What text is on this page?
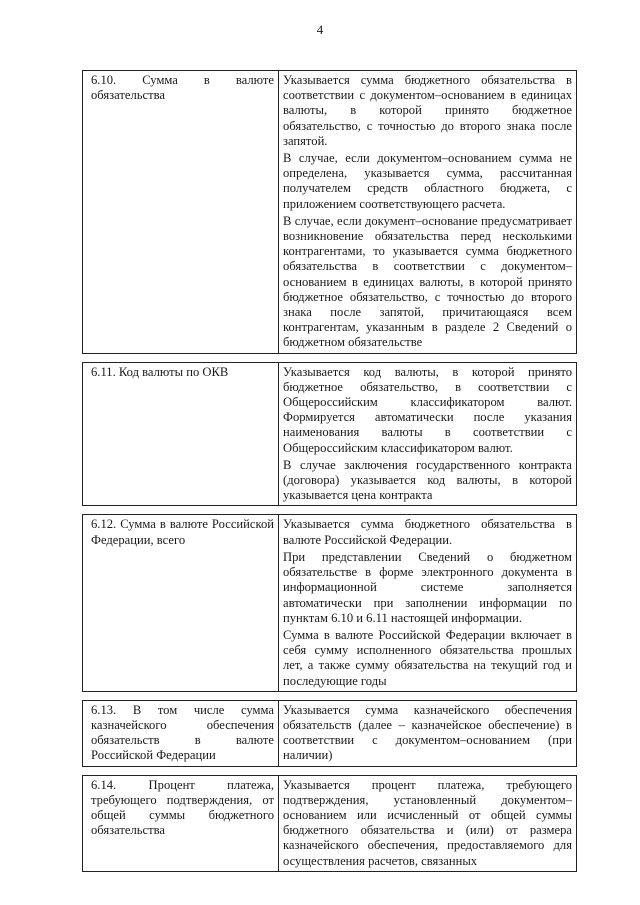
4
6.10. Сумма в валюте обязательства	Указывается сумма бюджетного обязательства в соответствии с документом–основанием в единицах валюты, в которой принято бюджетное обязательство, с точностью до второго знака после запятой.

В случае, если документом–основанием сумма не определена, указывается сумма, рассчитанная получателем средств областного бюджета, с приложением соответствующего расчета.

В случае, если документ–основание предусматривает возникновение обязательства перед несколькими контрагентами, то указывается сумма бюджетного обязательства в соответствии с документом–основанием в единицах валюты, в которой принято бюджетное обязательство, с точностью до второго знака после запятой, причитающаяся всем контрагентам, указанным в разделе 2 Сведений о бюджетном обязательстве

6.11. Код валюты по ОКВ	Указывается код валюты, в которой принято бюджетное обязательство, в соответствии с Общероссийским классификатором валют. Формируется автоматически после указания наименования валюты в соответствии с Общероссийским классификатором валют.

В случае заключения государственного контракта (договора) указывается код валюты, в которой указывается цена контракта

6.12. Сумма в валюте Российской Федерации, всего	Указывается сумма бюджетного обязательства в валюте Российской Федерации.

При представлении Сведений о бюджетном обязательстве в форме электронного документа в информационной системе заполняется автоматически при заполнении информации по пунктам 6.10 и 6.11 настоящей информации.

Сумма в валюте Российской Федерации включает в себя сумму исполненного обязательства прошлых лет, а также сумму обязательства на текущий год и последующие годы

6.13. В том числе сумма казначейского обеспечения обязательств в валюте Российской Федерации	Указывается сумма казначейского обеспечения обязательств (далее – казначейское обеспечение) в соответствии с документом–основанием (при наличии)

6.14. Процент платежа, требующего подтверждения, от общей суммы бюджетного обязательства	Указывается процент платежа, требующего подтверждения, установленный документом–основанием или исчисленный от общей суммы бюджетного обязательства и (или) от размера казначейского обеспечения, предоставляемого для осуществления расчетов, связанных
